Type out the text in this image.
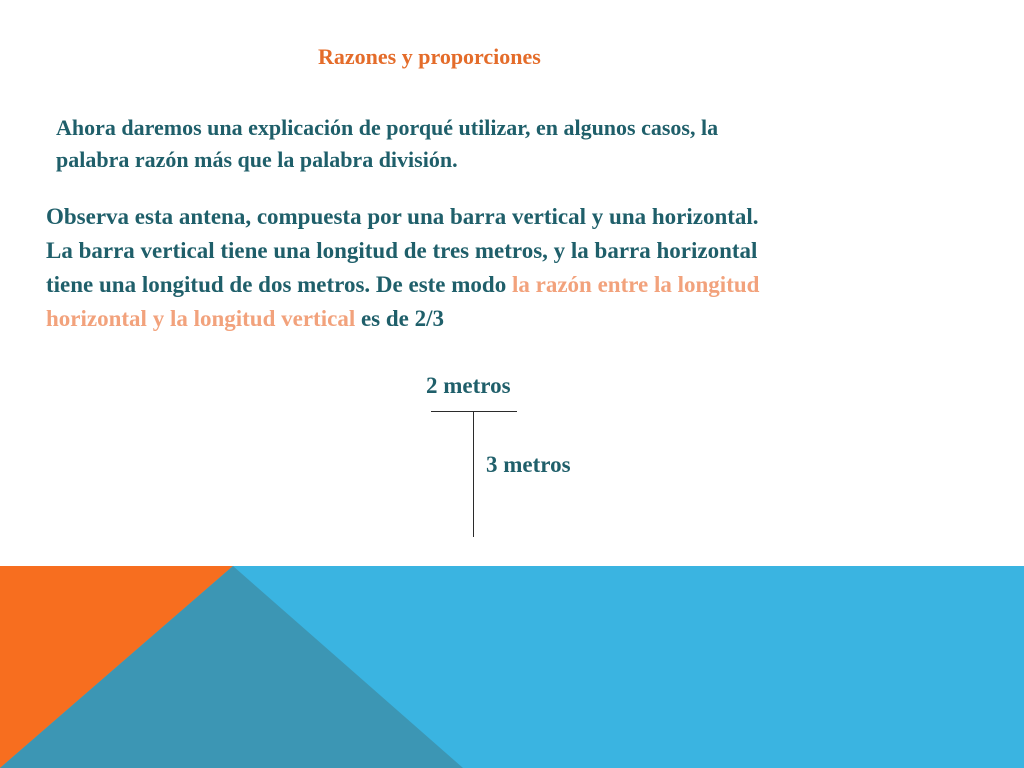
Razones y proporciones
Ahora daremos una explicación de porqué utilizar, en algunos casos, la
palabra razón más que la palabra división.
Observa esta antena, compuesta por una barra vertical y una horizontal.
La barra vertical tiene una longitud de tres metros, y la barra horizontal
tiene una longitud de dos metros. De este modo la razón entre la longitud
horizontal y la longitud vertical es de 2/3
2 metros
3 metros
